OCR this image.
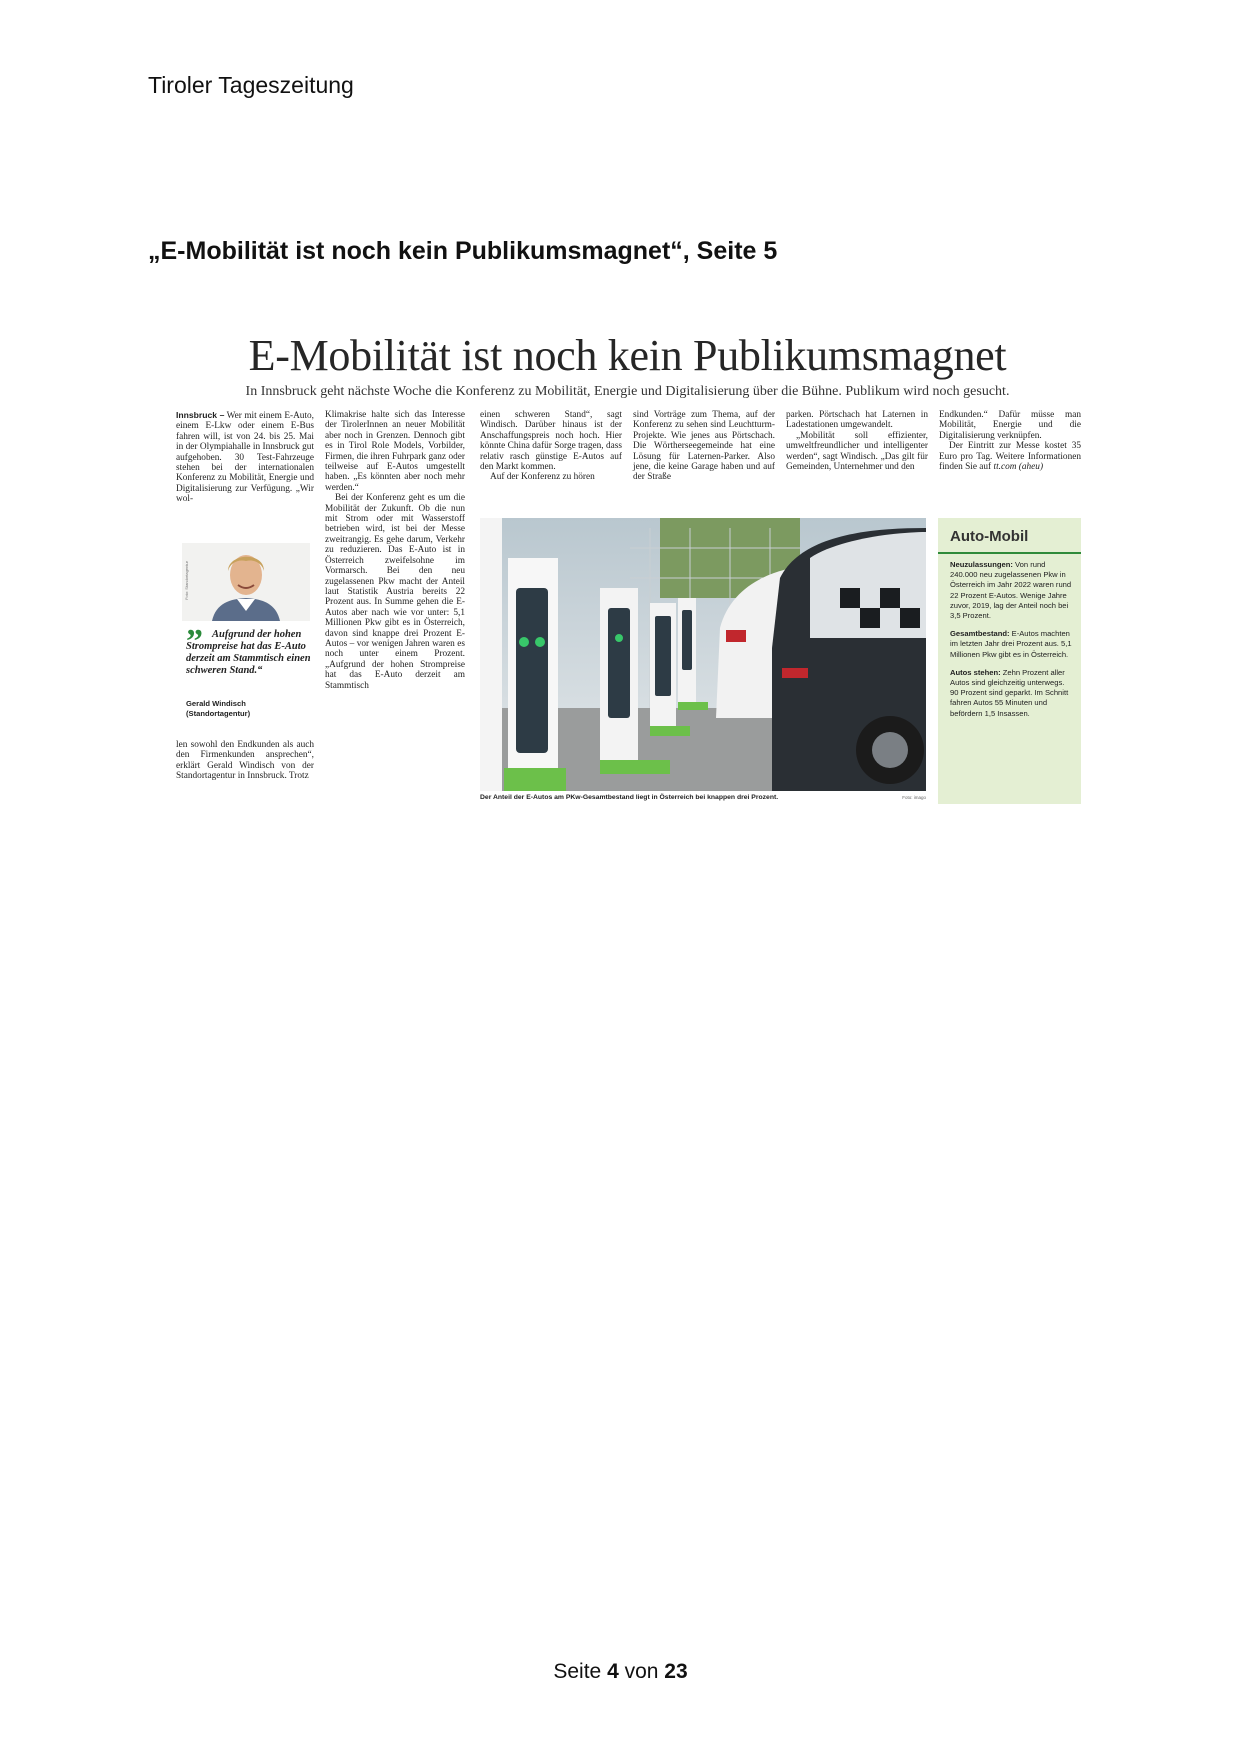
Tiroler Tageszeitung
„E-Mobilität ist noch kein Publikumsmagnet“, Seite 5
E-Mobilität ist noch kein Publikumsmagnet
In Innsbruck geht nächste Woche die Konferenz zu Mobilität, Energie und Digitalisierung über die Bühne. Publikum wird noch gesucht.

Innsbruck – Wer mit einem E-Auto, einem E-Lkw oder einem E-Bus fahren will, ist von 24. bis 25. Mai in der Olympiahalle in Innsbruck gut aufgehoben. 30 Test-Fahrzeuge stehen bei der internationalen Konferenz zu Mobilität, Energie und Digitalisierung zur Verfügung. „Wir wol-

Foto: Standortagentur
” Aufgrund der hohen Strompreise hat das E-Auto derzeit am Stammtisch einen schweren Stand.“
Gerald Windisch
(Standortagentur)

len sowohl den Endkunden als auch den Firmenkunden ansprechen“, erklärt Gerald Windisch von der Standortagentur in Innsbruck. Trotz

Klimakrise halte sich das Interesse der TirolerInnen an neuer Mobilität aber noch in Grenzen. Dennoch gibt es in Tirol Role Models, Vorbilder, Firmen, die ihren Fuhrpark ganz oder teilweise auf E-Autos umgestellt haben. „Es könnten aber noch mehr werden.“

Bei der Konferenz geht es um die Mobilität der Zukunft. Ob die nun mit Strom oder mit Wasserstoff betrieben wird, ist bei der Messe zweitrangig. Es gehe darum, Verkehr zu reduzieren. Das E-Auto ist in Österreich zweifelsohne im Vormarsch. Bei den neu zugelassenen Pkw macht der Anteil laut Statistik Austria bereits 22 Prozent aus. In Summe gehen die E-Autos aber nach wie vor unter: 5,1 Millionen Pkw gibt es in Österreich, davon sind knappe drei Prozent E-Autos – vor wenigen Jahren waren es noch unter einem Prozent. „Aufgrund der hohen Strompreise hat das E-Auto derzeit am Stammtisch

einen schweren Stand“, sagt Windisch. Darüber hinaus ist der Anschaffungspreis noch hoch. Hier könnte China dafür Sorge tragen, dass relativ rasch günstige E-Autos auf den Markt kommen.

Auf der Konferenz zu hören

sind Vorträge zum Thema, auf der Konferenz zu sehen sind Leuchtturm-Projekte. Wie jenes aus Pörtschach. Die Wörtherseegemeinde hat eine Lösung für Laternen-Parker. Also jene, die keine Garage haben und auf der Straße

parken. Pörtschach hat Laternen in Ladestationen umgewandelt.

„Mobilität soll effizienter, umweltfreundlicher und intelligenter werden“, sagt Windisch. „Das gilt für Gemeinden, Unternehmer und den

Endkunden.“ Dafür müsse man Mobilität, Energie und die Digitalisierung verknüpfen.

Der Eintritt zur Messe kostet 35 Euro pro Tag. Weitere Informationen finden Sie auf tt.com (aheu)

Der Anteil der E-Autos am PKw-Gesamtbestand liegt in Österreich bei knappen drei Prozent.	Foto: imago
Auto-Mobil

Neuzulassungen: Von rund 240.000 neu zugelassenen Pkw in Österreich im Jahr 2022 waren rund 22 Prozent E-Autos. Wenige Jahre zuvor, 2019, lag der Anteil noch bei 3,5 Prozent.

Gesamtbestand: E-Autos machten im letzten Jahr drei Prozent aus. 5,1 Millionen Pkw gibt es in Österreich.

Autos stehen: Zehn Prozent aller Autos sind gleichzeitig unterwegs. 90 Prozent sind geparkt. Im Schnitt fahren Autos 55 Minuten und befördern 1,5 Insassen.

Seite 4 von 23
